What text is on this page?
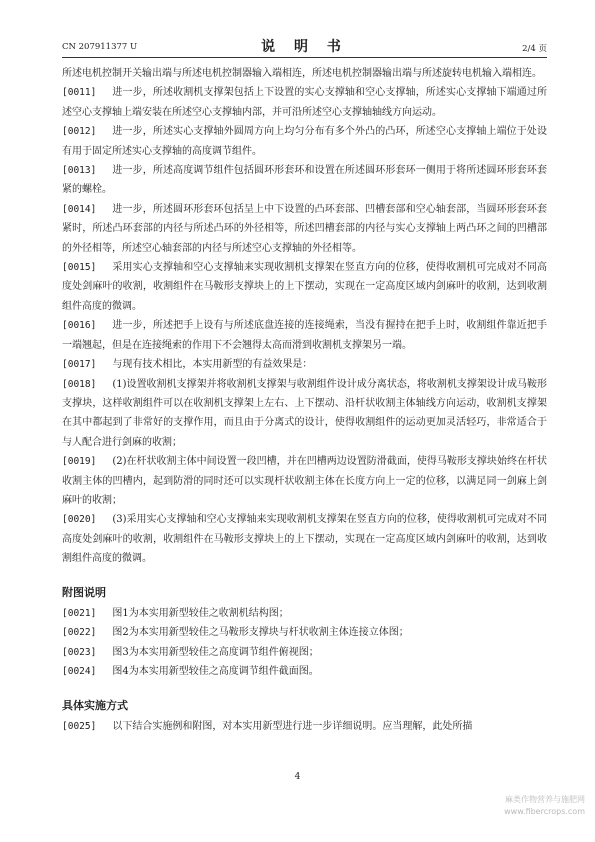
CN 207911377 U	说 明 书	2/4 页

所述电机控制开关输出端与所述电机控制器输入端相连，所述电机控制器输出端与所述旋转电机输入端相连。

[0011] 进一步，所述收割机支撑架包括上下设置的实心支撑轴和空心支撑轴，所述实心支撑轴下端通过所述空心支撑轴上端安装在所述空心支撑轴内部，并可沿所述空心支撑轴轴线方向运动。

[0012] 进一步，所述实心支撑轴外圆周方向上均匀分布有多个外凸的凸环，所述空心支撑轴上端位于处设有用于固定所述实心支撑轴的高度调节组件。

[0013] 进一步，所述高度调节组件包括圆环形套环和设置在所述圆环形套环一侧用于将所述圆环形套环套紧的螺栓。

[0014] 进一步，所述圆环形套环包括呈上中下设置的凸环套部、凹槽套部和空心轴套部，当圆环形套环套紧时，所述凸环套部的内径与所述凸环的外径相等，所述凹槽套部的内径与实心支撑轴上两凸环之间的凹槽部的外径相等，所述空心轴套部的内径与所述空心支撑轴的外径相等。

[0015] 采用实心支撑轴和空心支撑轴来实现收割机支撑架在竖直方向的位移，使得收割机可完成对不同高度处剑麻叶的收割，收割组件在马鞍形支撑块上的上下摆动，实现在一定高度区域内剑麻叶的收割，达到收割组件高度的微调。

[0016] 进一步，所述把手上设有与所述底盘连接的连接绳索，当没有握持在把手上时，收割组件靠近把手一端翘起，但是在连接绳索的作用下不会翘得太高而滑到收割机支撑架另一端。

[0017] 与现有技术相比，本实用新型的有益效果是：

[0018] (1)设置收割机支撑架并将收割机支撑架与收割组件设计成分离状态，将收割机支撑架设计成马鞍形支撑块，这样收割组件可以在收割机支撑架上左右、上下摆动、沿杆状收割主体轴线方向运动，收割机支撑架在其中都起到了非常好的支撑作用，而且由于分离式的设计，使得收割组件的运动更加灵活轻巧，非常适合于与人配合进行剑麻的收割；

[0019] (2)在杆状收割主体中间设置一段凹槽，并在凹槽两边设置防滑截面，使得马鞍形支撑块始终在杆状收割主体的凹槽内，起到防滑的同时还可以实现杆状收割主体在长度方向上一定的位移，以满足同一剑麻上剑麻叶的收割；

[0020] (3)采用实心支撑轴和空心支撑轴来实现收割机支撑架在竖直方向的位移，使得收割机可完成对不同高度处剑麻叶的收割，收割组件在马鞍形支撑块上的上下摆动，实现在一定高度区域内剑麻叶的收割，达到收割组件高度的微调。

附图说明

[0021] 图1为本实用新型较佳之收割机结构图；

[0022] 图2为本实用新型较佳之马鞍形支撑块与杆状收割主体连接立体图；

[0023] 图3为本实用新型较佳之高度调节组件俯视图；

[0024] 图4为本实用新型较佳之高度调节组件截面图。

具体实施方式

[0025] 以下结合实施例和附图，对本实用新型进行进一步详细说明。应当理解，此处所描

4
麻类作物营养与施肥网
www.fibercrops.com
